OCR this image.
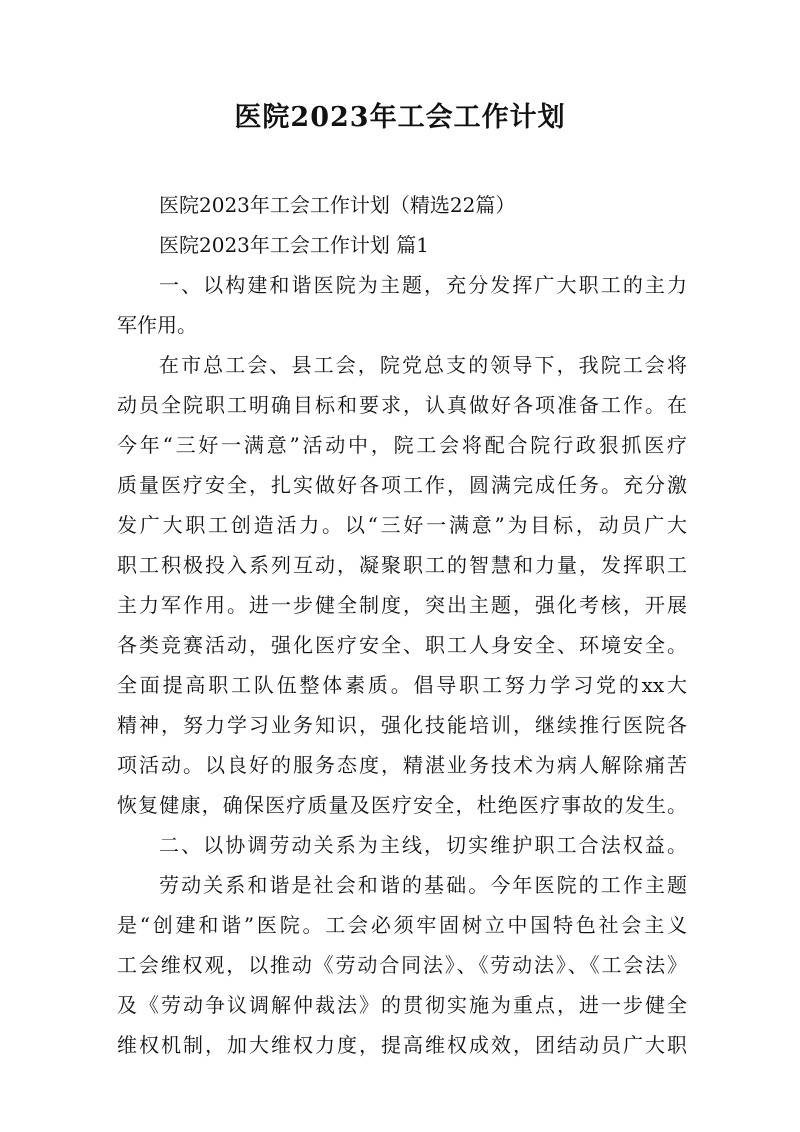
医院2023年工会工作计划
医院2023年工会工作计划（精选22篇）
医院2023年工会工作计划 篇1
一、以构建和谐医院为主题，充分发挥广大职工的主力
军作用。
在市总工会、县工会，院党总支的领导下，我院工会将
动员全院职工明确目标和要求，认真做好各项准备工作。在
今年“三好一满意”活动中，院工会将配合院行政狠抓医疗
质量医疗安全，扎实做好各项工作，圆满完成任务。充分激
发广大职工创造活力。以“三好一满意”为目标，动员广大
职工积极投入系列互动，凝聚职工的智慧和力量，发挥职工
主力军作用。进一步健全制度，突出主题，强化考核，开展
各类竞赛活动，强化医疗安全、职工人身安全、环境安全。
全面提高职工队伍整体素质。倡导职工努力学习党的xx大
精神，努力学习业务知识，强化技能培训，继续推行医院各
项活动。以良好的服务态度，精湛业务技术为病人解除痛苦
恢复健康，确保医疗质量及医疗安全，杜绝医疗事故的发生。
二、以协调劳动关系为主线，切实维护职工合法权益。
劳动关系和谐是社会和谐的基础。今年医院的工作主题
是“创建和谐”医院。工会必须牢固树立中国特色社会主义
工会维权观，以推动《劳动合同法》、《劳动法》、《工会法》
及《劳动争议调解仲裁法》的贯彻实施为重点，进一步健全
维权机制，加大维权力度，提高维权成效，团结动员广大职
